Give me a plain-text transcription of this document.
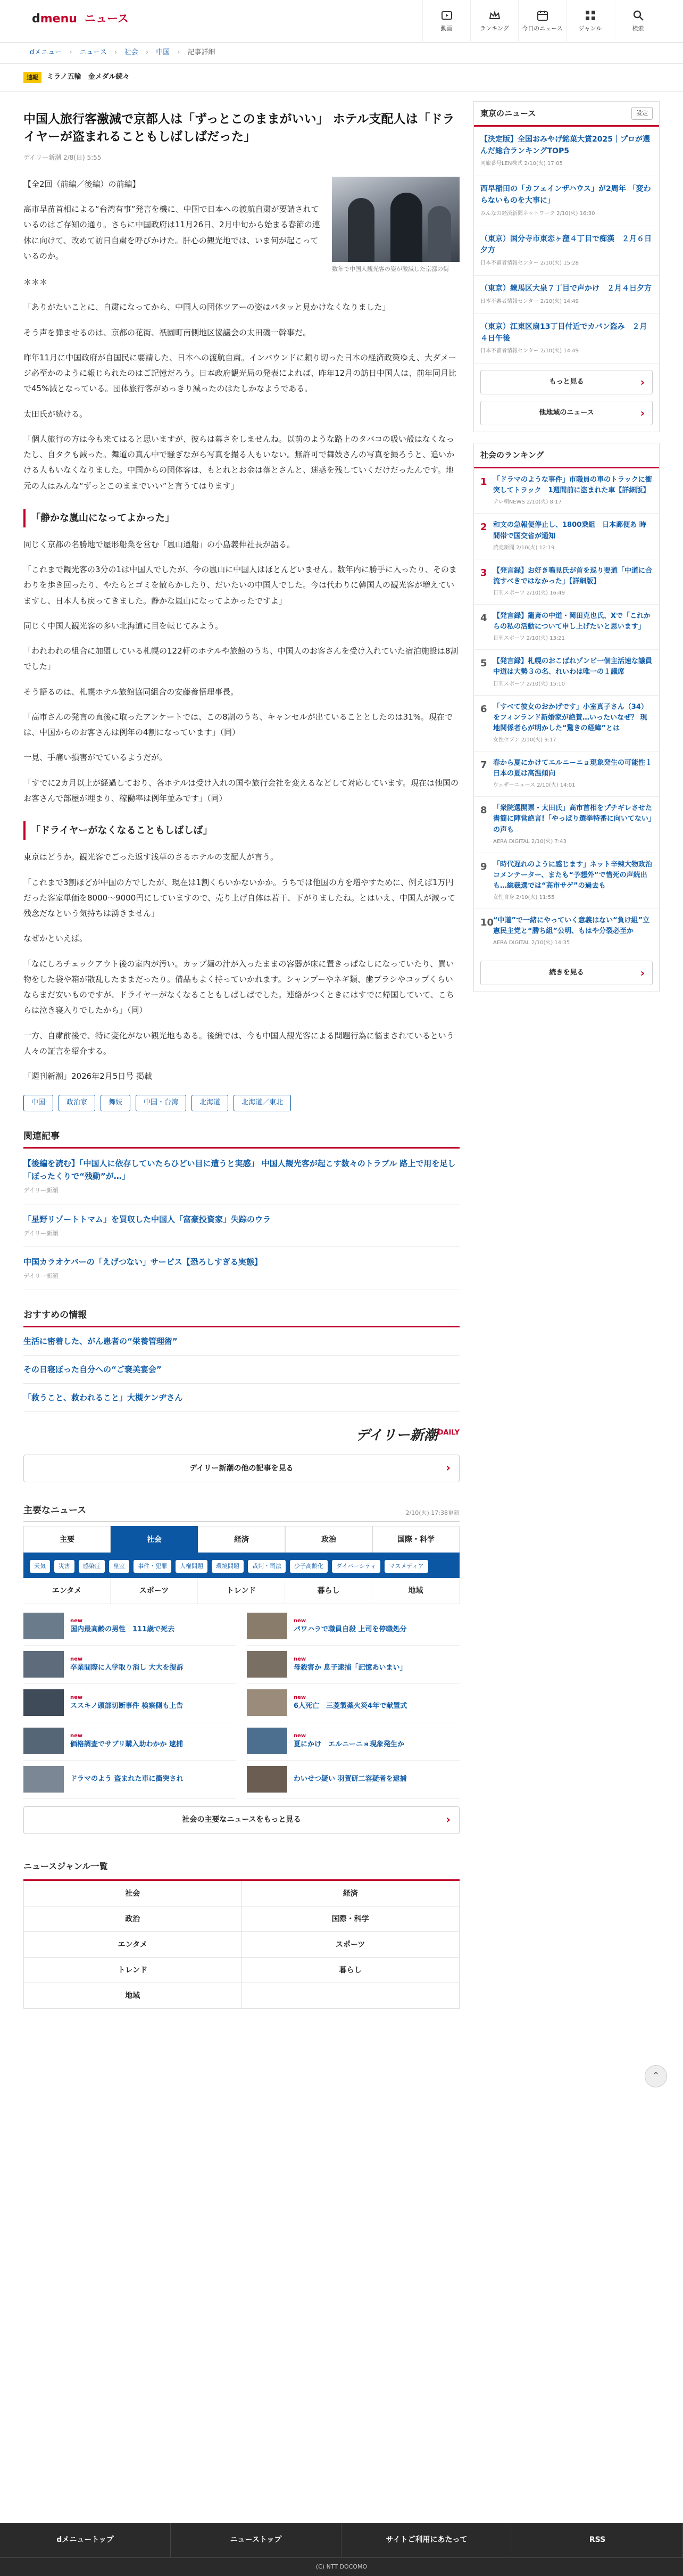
dmenu ニュース
動画	ランキング 今日のニュース	ジャンル	検索
dメニュー › ニュース › 社会 › 中国 › 記事詳細
速報	ミラノ五輪　金メダル続々
中国人旅行客激減で京都人は「ずっとこのままがいい」 ホテル支配人は「ドライヤーが盗まれることもしばしばだった」
デイリー新潮 2/8(日) 5:55
数年で中国人観光客の姿が激減した京都の街

【全2回（前編／後編）の前編】

高市早苗首相による“台湾有事”発言を機に、中国で日本への渡航自粛が要請されているのはご存知の通り。さらに中国政府は11月26日、2月中旬から始まる春節の連休に向けて、改めて訪日自粛を呼びかけた。肝心の観光地では、いま何が起こっているのか。

＊＊＊

「ありがたいことに、自粛になってから、中国人の団体ツアーの姿はパタッと見かけなくなりました」

そう声を弾ませるのは、京都の花街、祇園町南側地区協議会の太田磯一幹事だ。

昨年11月に中国政府が自国民に要請した、日本への渡航自粛。インバウンドに頼り切った日本の経済政策ゆえ、大ダメージ必至かのように報じられたのはご記憶だろう。日本政府観光局の発表によれば、昨年12月の訪日中国人は、前年同月比で45%減となっている。団体旅行客がめっきり減ったのはたしかなようである。

太田氏が続ける。

「個人旅行の方は今も来てはると思いますが、彼らは幕さをしませんね。以前のような路上のタバコの吸い殻はなくなったし、自タクも減った。舞道の真ん中で騒ぎながら写真を撮る人もいない。無許可で舞妓さんの写真を撮ろうと、追いかける人もいなくなりました。中国からの団体客は、もとれとお金は落とさんと、迷惑を残していくだけだったんです。地元の人はみんな“ずっとこのままでいい”と言うてはります」

「静かな嵐山になってよかった」

同じく京都の名勝地で屋形船業を営む「嵐山通船」の小島義伸社長が語る。

「これまで観光客の3分の1は中国人でしたが、今の嵐山に中国人はほとんどいません。数年内に勝手に入ったり、そのまわりを歩き回ったり、やたらとゴミを散らかしたり、だいたいの中国人でした。今は代わりに韓国人の観光客が増えていますし、日本人も戻ってきました。静かな嵐山になってよかったですよ」

同じく中国人観光客の多い北海道に目を転じてみよう。

「われわれの組合に加盟している札幌の122軒のホテルや旅館のうち、中国人のお客さんを受け入れていた宿泊施設は8割でした」

そう語るのは、札幌ホテル旅館協同組合の安藤養悟理事長。

「高市さんの発言の直後に取ったアンケートでは、この8割のうち、キャンセルが出ていることとしたのは31%。現在では、中国からのお客さんは例年の4割になっています」（同）

一見、手痛い損害がでているようだが。

「すでに2カ月以上が経過しており、各ホテルは受け入れの国や旅行会社を変えるなどして対応しています。現在は他国のお客さんで部屋が埋まり、稼働率は例年並みです」（同）

「ドライヤーがなくなることもしばしば」

東京はどうか。観光客でごった返す浅草のさるホテルの支配人が言う。

「これまで3割ほどが中国の方でしたが、現在は1割くらいかないかか。うちでは他国の方を増やすために、例えば1万円だった客室単価を8000～9000円にしていますので、売り上げ自体は若干、下がりましたね。とはいえ、中国人が減って残念だなという気持ちは湧きません」

なぜかといえば。

「なにしろチェックアウト後の室内が汚い。カップ麺の汁が入ったままの容器が床に置きっぱなしになっていたり、買い物をした袋や箱が散乱したままだったり。備品もよく持っていかれます。シャンプーやネギ類、歯ブラシやコップくらいならまだ安いものですが、ドライヤーがなくなることもしばしばでした。連絡がつくときにはすでに帰国していて、こちらは泣き寝入りでしたから」（同）

一方、自粛前後で、特に変化がない観光地もある。後編では、今も中国人観光客による問題行為に悩まされているという人々の証言を紹介する。

「週刊新潮」2026年2月5日号 掲載

中国	政治家	舞妓	中国・台湾	北海道	北海道／東北
関連記事
【後編を読む】「中国人に依存していたらひどい目に遭うと実感」 中国人観光客が起こす数々のトラブル 路上で用を足し「ぼったくりで“残動”が…」
デイリー新潮
「星野リゾートトマム」を買収した中国人「富豪投資家」失踪のウラ
デイリー新潮
中国カラオケバーの「えげつない」サービス【恐ろしすぎる実態】
デイリー新潮
おすすめの情報
生活に密着した、がん患者の“栄養管理術”
その日寝ぼった自分への“ご褒美宴会”
「救うこと、救われること」大槻ケンヂさん
デイリー新潮$^{DAILY}$
デイリー新潮の他の記事を見る ›
主要なニュース	2/10(火) 17:38更新
主要	社会	経済	政治	国際・科学
天気	災害	感染症	皇室	事件・犯罪	人権問題	環境問題	裁判・司法	少子高齢化	ダイバーシティ	マスメディア
エンタメ	スポーツ	トレンド	暮らし	地域
new
国内最高齢の男性　111歳で死去
new
パワハラで職員自殺 上司を停職処分
new
卒業間際に入学取り消し 大大を提訴
new
母殺害か 息子逮捕「記憶あいまい」
new
ススキノ頭部切断事件 検察側も上告
new
6人死亡　三菱製薬火災4年で献置式
new
価格調査でサブリ購入助わかか 逮捕
new
夏にかけ　エルニーニョ現象発生か
ドラマのよう 盗まれた車に衝突され	わいせつ疑い 羽賀研二容疑者を逮捕
社会の主要なニュースをもっと見る ›
ニュースジャンル一覧
社会	経済
政治	国際・科学
エンタメ	スポーツ
トレンド	暮らし
地域
東京のニュース	設定
【決定版】全国おみやげ銘菓大賞2025｜プロが選んだ総合ランキングTOP5
同旅番号LEN株式 2/10(火) 17:05
西早稲田の「カフェインザハウス」が2周年 「変わらないものを大事に」
みんなの経済新聞ネットワーク 2/10(火) 16:30
（東京）国分寺市東恋ヶ窪４丁目で痴漢　２月６日夕方
日本不審者情報センター 2/10(火) 15:28
（東京）練馬区大泉７丁目で声かけ　２月４日夕方
日本不審者情報センター 2/10(火) 14:49
（東京）江東区扇13丁目付近でカバン盗み　２月４日午後
日本不審者情報センター 2/10(火) 14:49
もっと見る ›
他地域のニュース ›
社会のランキング
1 「ドラマのような事件」市職員の車のトラックに衝突してトラック　1週間前に盗まれた車【詳細版】
テレ朝NEWS 2/10(火) 8:17
2 和文の急報便停止し、1800乗組　日本郵便あ 時間帯で国交省が通知
読売新聞 2/10(火) 12:19
3 【発言録】お好き鳴見氏が首を巡り要道「中道に合流すべきではなかった」【詳細版】
日刊スポーツ 2/10(火) 16:49
4 【発言録】籠斎の中道・岡田克也氏、Xで「これからの私の活動について申し上げたいと思います」
日刊スポーツ 2/10(火) 13:21
5 【発言録】札幌のおこばれゾンビ一個主活速な議員　中道は大勢３の名、れいわは唯一の１議席
日刊スポーツ 2/10(火) 15:10
6 「すべて彼女のおかげです」小室真子さん（34）をフィンランド新婚家が絶賛…いったいなぜ？ 現地関係者らが明かした“驚きの経緯”とは
女性セブン 2/10(火) 9:17
7 春から夏にかけてエルニーニョ現象発生の可能性ｌ日本の夏は高温傾向
ウェザーニュース 2/10(火) 14:01
8 「衆院選開票・太田氏」高市首相をプチギレさせた書簡に陣営絶言!「やっぱり選挙特番に向いてない」の声も
AERA DIGITAL 2/10(火) 7:43
9 「時代遅れのように感じます」ネット辛辣大物政治コメンテーター、またも“予想外”で惜死の声続出も…総裁選では“高市サゲ”の過去も
女性自身 2/10(火) 11:55
10
“中道”で一緒にやっていく意義はない“負け組”立憲民主党と“勝ち組”公明、もはや分裂必至か
AERA DIGITAL 2/10(火) 14:35
続きを見る ›
⌃
dメニュートップ	ニューストップ	サイトご利用にあたって	RSS
(C) NTT DOCOMO
